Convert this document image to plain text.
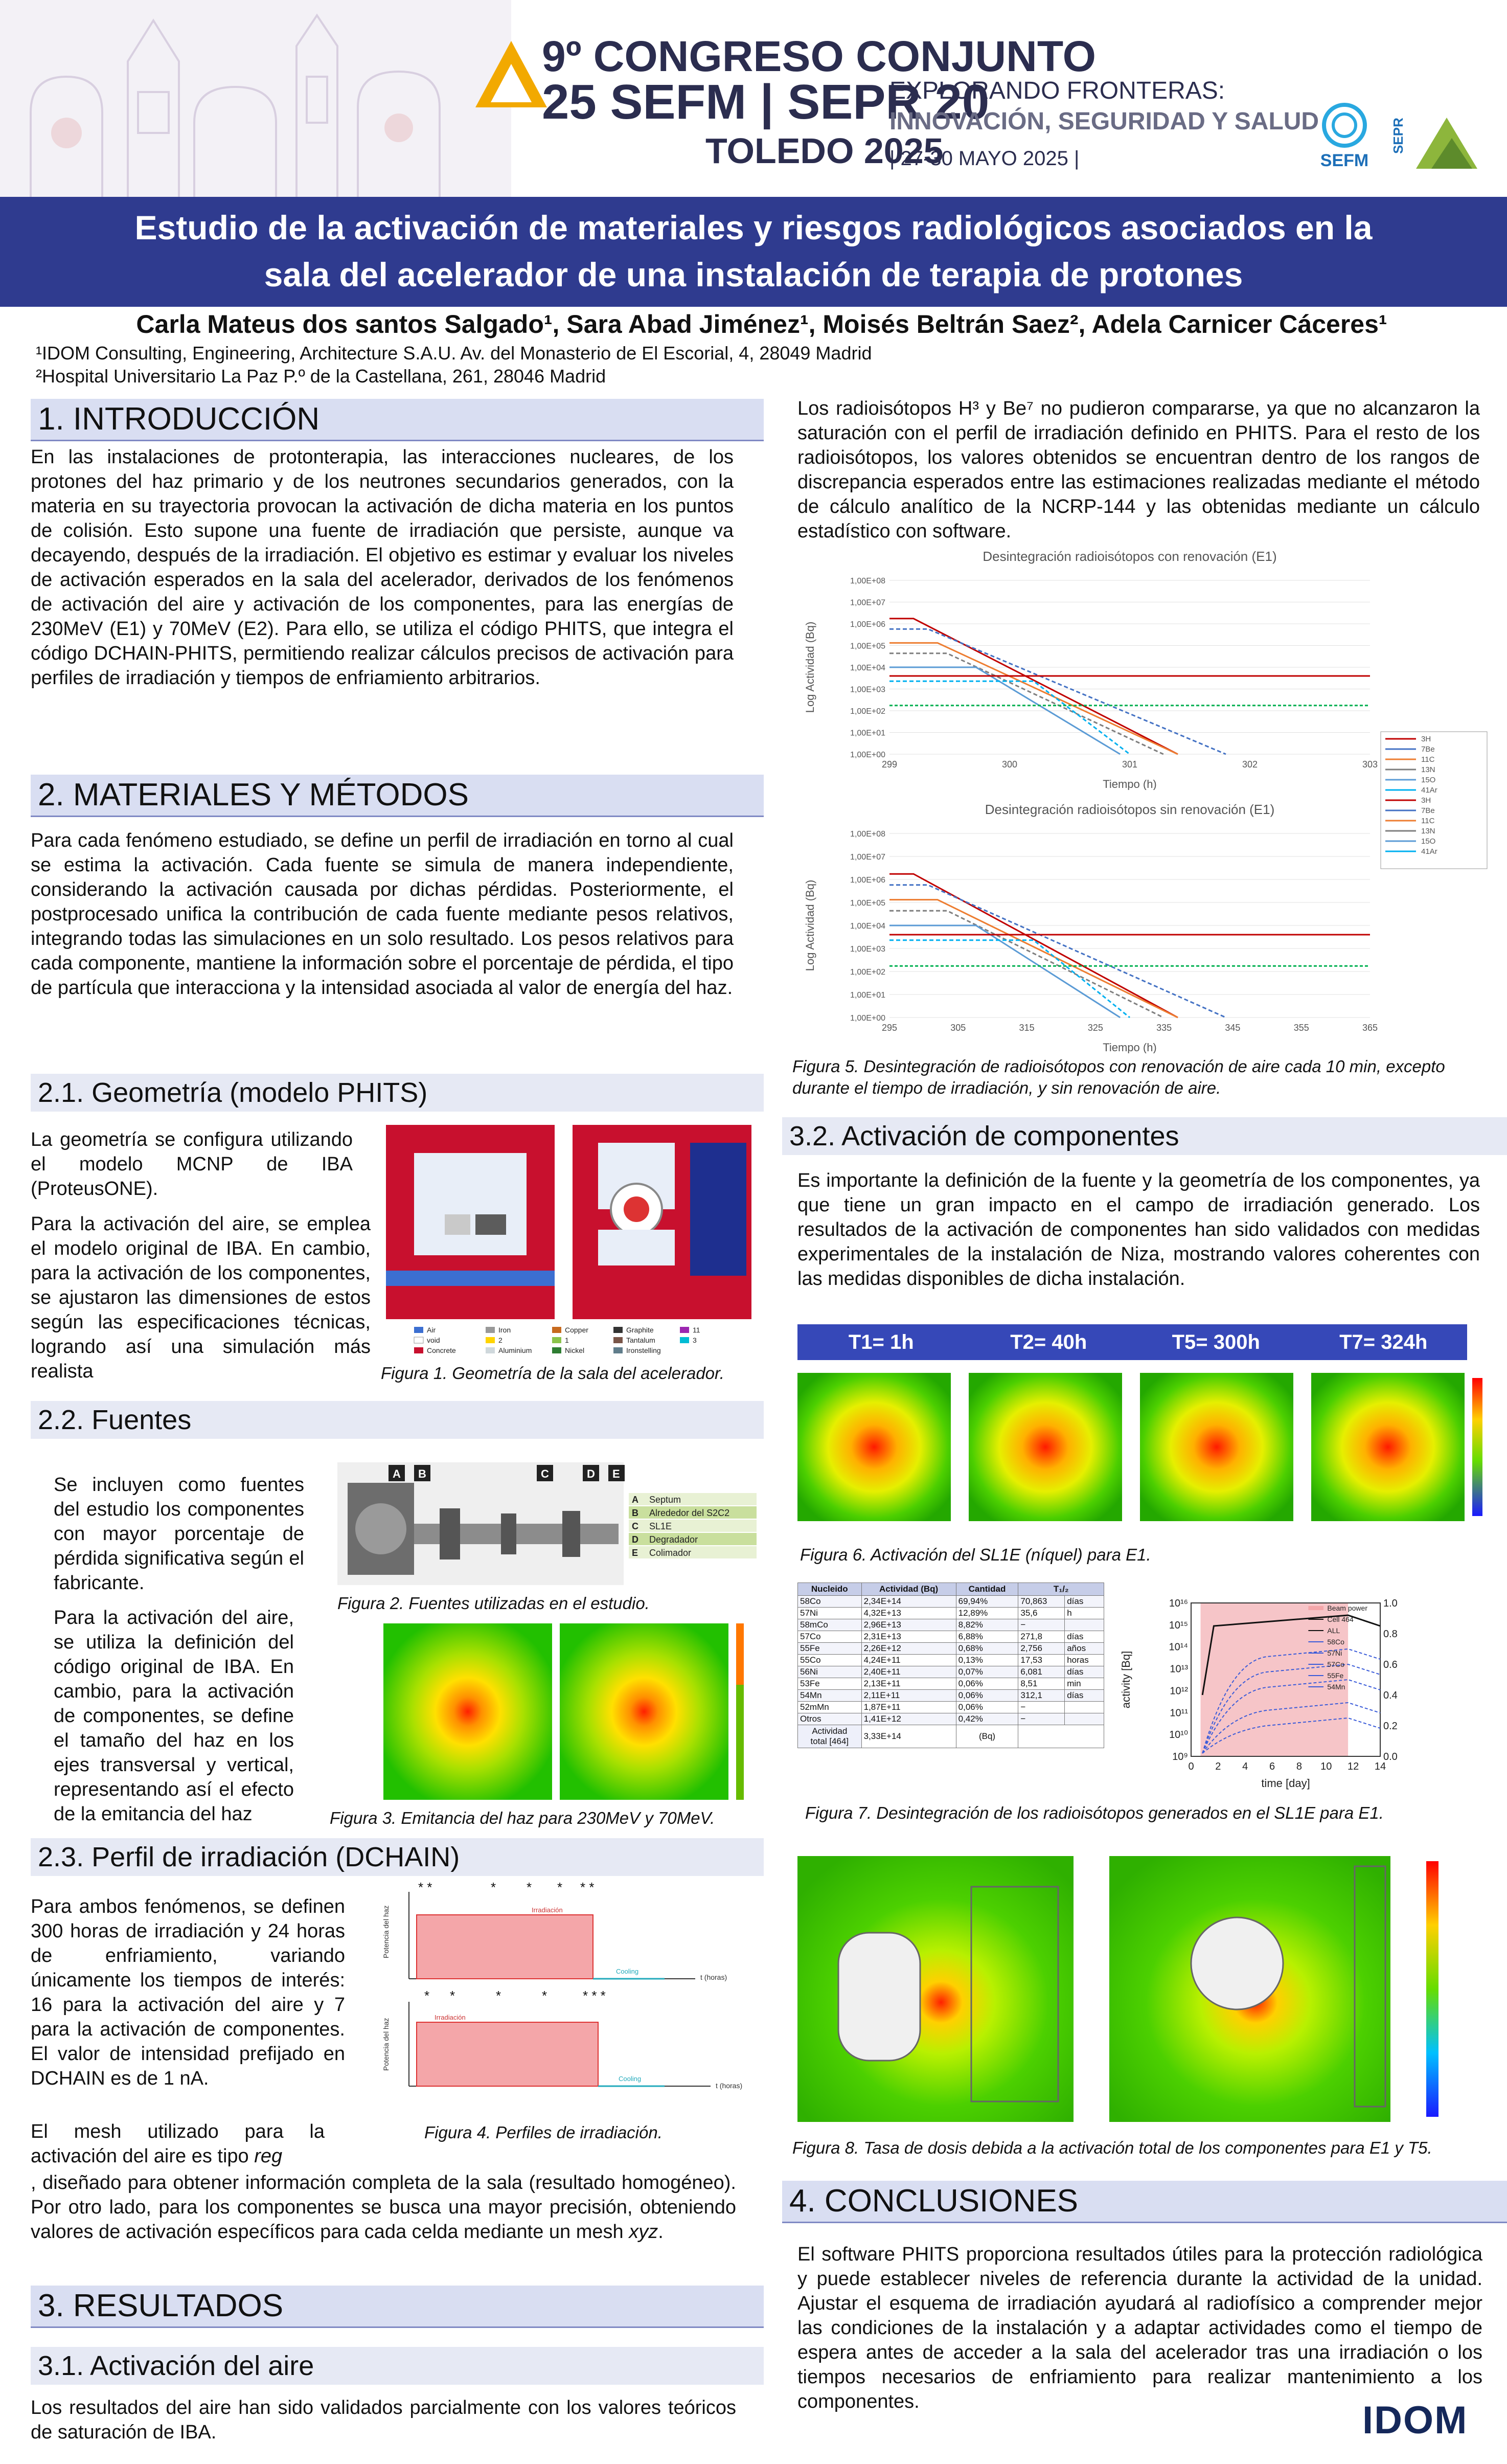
9º CONGRESO CONJUNTO
25 SEFM | SEPR 20
TOLEDO 2025
EXPLORANDO FRONTERAS:
INNOVACIÓN, SEGURIDAD Y SALUD
| 27-30 MAYO 2025 |	SEFM
SEPR
Estudio de la activación de materiales y riesgos radiológicos asociados en la
sala del acelerador de una instalación de terapia de protones
Carla Mateus dos santos Salgado¹, Sara Abad Jiménez¹, Moisés Beltrán Saez², Adela Carnicer Cáceres¹
¹IDOM Consulting, Engineering, Architecture S.A.U. Av. del Monasterio de El Escorial, 4, 28049 Madrid
²Hospital Universitario La Paz P.º de la Castellana, 261, 28046 Madrid
1. INTRODUCCIÓN
En las instalaciones de protonterapia, las interacciones nucleares, de los protones del haz primario y de los neutrones secundarios generados, con la materia en su trayectoria provocan la activación de dicha materia en los puntos de colisión. Esto supone una fuente de irradiación que persiste, aunque va decayendo, después de la irradiación. El objetivo es estimar y evaluar los niveles de activación esperados en la sala del acelerador, derivados de los fenómenos de activación del aire y activación de los componentes, para las energías de 230MeV (E1) y 70MeV (E2). Para ello, se utiliza el código PHITS, que integra el código DCHAIN-PHITS, permitiendo realizar cálculos precisos de activación para perfiles de irradiación y tiempos de enfriamiento arbitrarios.
2. MATERIALES Y MÉTODOS
Para cada fenómeno estudiado, se define un perfil de irradiación en torno al cual se estima la activación. Cada fuente se simula de manera independiente, considerando la activación causada por dichas pérdidas. Posteriormente, el postprocesado unifica la contribución de cada fuente mediante pesos relativos, integrando todas las simulaciones en un solo resultado. Los pesos relativos para cada componente, mantiene la información sobre el porcentaje de pérdida, el tipo de partícula que interacciona y la intensidad asociada al valor de energía del haz.
2.1. Geometría (modelo PHITS)
La geometría se configura utilizando el modelo MCNP de IBA (ProteusONE).
Para la activación del aire, se emplea el modelo original de IBA. En cambio, para la activación de los componentes, se ajustaron las dimensiones de estos según las especificaciones técnicas, logrando así una simulación más realista
Air	Iron	Copper	Graphite	11
void	2	1	Tantalum	3
Concrete	Aluminium	Nickel	Ironstelling
Figura 1. Geometría de la sala del acelerador.
2.2. Fuentes
Se incluyen como fuentes del estudio los componentes con mayor porcentaje de pérdida significativa según el fabricante.
Para la activación del aire, se utiliza la definición del código original de IBA. En cambio, para la activación de componentes, se define el tamaño del haz en los ejes transversal y vertical, representando así el efecto de la emitancia del haz
A B	C	D E
A Septum
B Alrededor del S2C2
C SL1E
D Degradador
E Colimador
Figura 2. Fuentes utilizadas en el estudio.
Figura 3. Emitancia del haz para 230MeV y 70MeV.
2.3. Perfil de irradiación (DCHAIN)
Para ambos fenómenos, se definen 300 horas de irradiación y 24 horas de enfriamiento, variando únicamente los tiempos de interés: 16 para la activación del aire y 7 para la activación de componentes. El valor de intensidad prefijado en DCHAIN es de 1 nA.
Potencia del haz
Potencia del haz
t (horas)
t (horas)
Irradiación
Cooling
Irradiación
Cooling
* *	* * * * *
* *	*	*	* * *
Figura 4. Perfiles de irradiación.
El mesh utilizado para la activación del aire es tipo reg
, diseñado para obtener información completa de la sala (resultado homogéneo). Por otro lado, para los componentes se busca una mayor precisión, obteniendo valores de activación específicos para cada celda mediante un mesh xyz.
3. RESULTADOS
3.1. Activación del aire
Los resultados del aire han sido validados parcialmente con los valores teóricos de saturación de IBA.
Los radioisótopos H³ y Be⁷ no pudieron compararse, ya que no alcanzaron la saturación con el perfil de irradiación definido en PHITS. Para el resto de los radioisótopos, los valores obtenidos se encuentran dentro de los rangos de discrepancia esperados entre las estimaciones realizadas mediante el método de cálculo analítico de la NCRP-144 y las obtenidas mediante un cálculo estadístico con software.
Desintegración radioisótopos con renovación (E1)
1,00E+00
1,00E+01
1,00E+02
1,00E+03
1,00E+04
1,00E+05
1,00E+06
1,00E+07
1,00E+08
299	300	301	302	303
Tiempo (h)
Log Actividad (Bq)
Desintegración radioisótopos sin renovación (E1)
1,00E+00
1,00E+01
1,00E+02
1,00E+03
1,00E+04
1,00E+05
1,00E+06
1,00E+07
1,00E+08
295	305	315	325	335	345	355	365
Tiempo (h)
Log Actividad (Bq)
3H
7Be
11C
13N
15O
41Ar
3H
7Be
11C
13N
15O
41Ar
Figura 5. Desintegración de radioisótopos con renovación de aire cada 10 min, excepto durante el tiempo de irradiación, y sin renovación de aire.
3.2. Activación de componentes
Es importante la definición de la fuente y la geometría de los componentes, ya que tiene un gran impacto en el campo de irradiación generado. Los resultados de la activación de componentes han sido validados con medidas experimentales de la instalación de Niza, mostrando valores coherentes con las medidas disponibles de dicha instalación.
T1= 1h	T2= 40h	T5= 300h	T7= 324h
Figura 6. Activación del SL1E (níquel) para E1.
Nucleido	Actividad (Bq)	Cantidad	T₁/₂	
58Co	2,34E+14	69,94%	70,863	días
57Ni	4,32E+13	12,89%	35,6	h
58mCo	2,96E+13	8,82%	−	
57Co	2,31E+13	6,88%	271,8	días
55Fe	2,26E+12	0,68%	2,756	años
55Co	4,24E+11	0,13%	17,53	horas
56Ni	2,40E+11	0,07%	6,081	días
53Fe	2,13E+11	0,06%	8,51	min
54Mn	2,11E+11	0,06%	312,1	días
52mMn	1,87E+11	0,06%	−	
Otros	1,41E+12	0,42%	−	
Actividad
total [464]	3,33E+14	(Bq)		
10⁹
10¹⁰
10¹¹
10¹²
10¹³
10¹⁴
10¹⁵
10¹⁶
0.0
0.2
0.4
0.6
0.8
1.0
0 2 4 6 8 10 12 14
time [day]
activity [Bq]
Beam power
Cell 464
ALL
58Co
57Ni
57Co
55Fe
54Mn
Figura 7. Desintegración de los radioisótopos generados en el SL1E para E1.
Figura 8. Tasa de dosis debida a la activación total de los componentes para E1 y T5.
4. CONCLUSIONES
El software PHITS proporciona resultados útiles para la protección radiológica y puede establecer niveles de referencia durante la actividad de la unidad. Ajustar el esquema de irradiación ayudará al radiofísico a comprender mejor las condiciones de la instalación y a adaptar actividades como el tiempo de espera antes de acceder a la sala del acelerador tras una irradiación o los tiempos necesarios de enfriamiento para realizar mantenimiento a los componentes.	IDOM
